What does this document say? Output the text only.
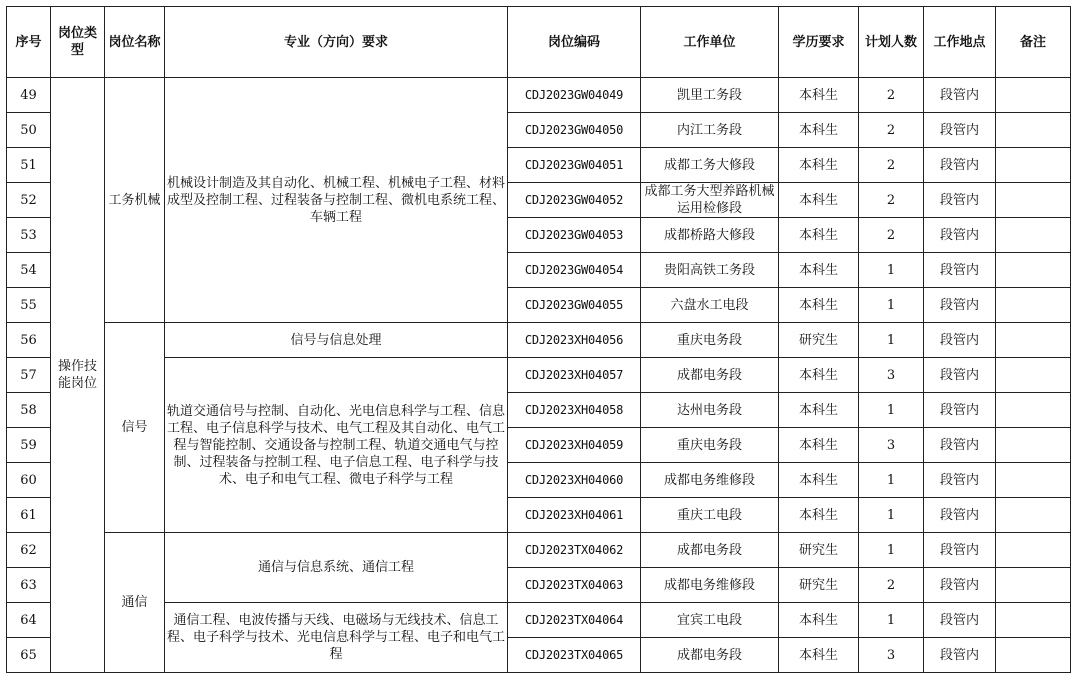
序号	岗位类型	岗位名称	专业（方向）要求	岗位编码	工作单位	学历要求	计划人数	工作地点	备注
49	操作技能岗位	工务机械	机械设计制造及其自动化、机械工程、机械电子工程、材料成型及控制工程、过程装备与控制工程、微机电系统工程、车辆工程	CDJ2023GW04049	凯里工务段	本科生	2	段管内	
50				CDJ2023GW04050	内江工务段	本科生	2	段管内	
51				CDJ2023GW04051	成都工务大修段	本科生	2	段管内	
52				CDJ2023GW04052	成都工务大型养路机械运用检修段	本科生	2	段管内	
53				CDJ2023GW04053	成都桥路大修段	本科生	2	段管内	
54				CDJ2023GW04054	贵阳高铁工务段	本科生	1	段管内	
55				CDJ2023GW04055	六盘水工电段	本科生	1	段管内	
56		信号	信号与信息处理	CDJ2023XH04056	重庆电务段	研究生	1	段管内	
57			轨道交通信号与控制、自动化、光电信息科学与工程、信息工程、电子信息科学与技术、电气工程及其自动化、电气工程与智能控制、交通设备与控制工程、轨道交通电气与控制、过程装备与控制工程、电子信息工程、电子科学与技术、电子和电气工程、微电子科学与工程	CDJ2023XH04057	成都电务段	本科生	3	段管内	
58				CDJ2023XH04058	达州电务段	本科生	1	段管内	
59				CDJ2023XH04059	重庆电务段	本科生	3	段管内	
60				CDJ2023XH04060	成都电务维修段	本科生	1	段管内	
61				CDJ2023XH04061	重庆工电段	本科生	1	段管内	
62		通信	通信与信息系统、通信工程	CDJ2023TX04062	成都电务段	研究生	1	段管内	
63				CDJ2023TX04063	成都电务维修段	研究生	2	段管内	
64			通信工程、电波传播与天线、电磁场与无线技术、信息工程、电子科学与技术、光电信息科学与工程、电子和电气工程	CDJ2023TX04064	宜宾工电段	本科生	1	段管内	
65				CDJ2023TX04065	成都电务段	本科生	3	段管内	
